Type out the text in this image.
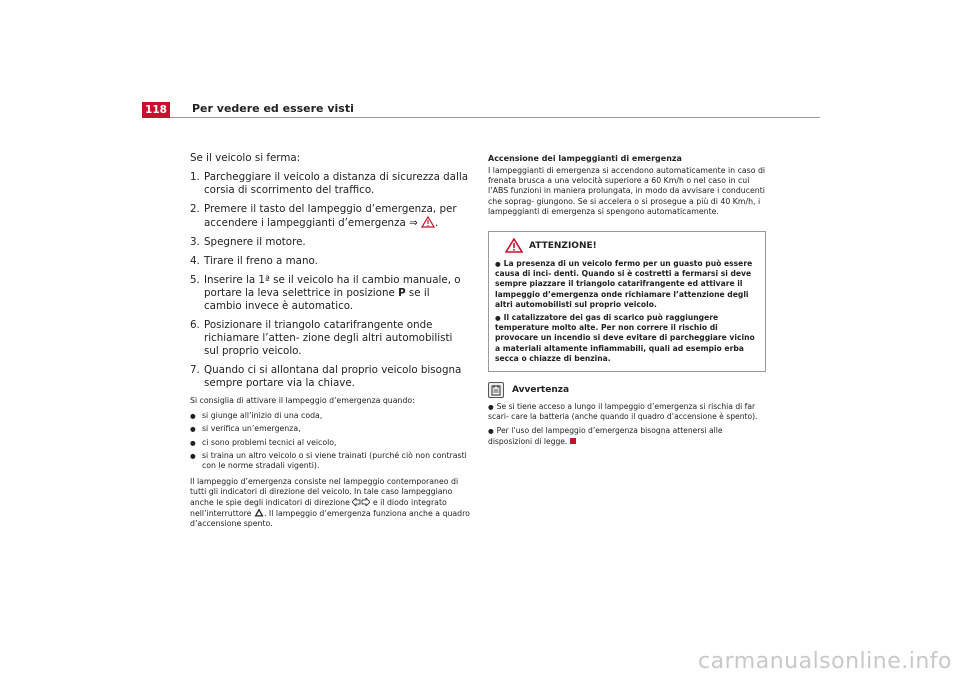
118 Per vedere ed essere visti

Se il veicolo si ferma:

1. Parcheggiare il veicolo a distanza di sicurezza dalla corsia di scorrimento del traffico.
2. Premere il tasto del lampeggio d’emergenza, per accendere i lampeggianti d’emergenza ⇒ .
3. Spegnere il motore.
4. Tirare il freno a mano.
5. Inserire la 1ª se il veicolo ha il cambio manuale, o portare la leva selettrice in posizione P se il cambio invece è automatico.
6. Posizionare il triangolo catarifrangente onde richiamare l’atten- zione degli altri automobilisti sul proprio veicolo.
7. Quando ci si allontana dal proprio veicolo bisogna sempre portare via la chiave.

Si consiglia di attivare il lampeggio d’emergenza quando:

● si giunge all’inizio di una coda,
● si verifica un’emergenza,
● ci sono problemi tecnici al veicolo,
● si traina un altro veicolo o si viene trainati (purché ciò non contrasti con le norme stradali vigenti).

Il lampeggio d’emergenza consiste nel lampeggio contemporaneo di tutti gli indicatori di direzione del veicolo. In tale caso lampeggiano anche le spie degli indicatori di direzione	e il diodo integrato nell’interruttore . Il lampeggio d’emergenza funziona anche a quadro d’accensione spento.

Accensione dei lampeggianti di emergenza

I lampeggianti di emergenza si accendono automaticamente in caso di frenata brusca a una velocità superiore a 60 Km/h o nel caso in cui l’ABS funzioni in maniera prolungata, in modo da avvisare i conducenti che soprag- giungono. Se si accelera o si prosegue a più di 40 Km/h, i lampeggianti di emergenza si spengono automaticamente.

ATTENZIONE!
● La presenza di un veicolo fermo per un guasto può essere causa di inci- denti. Quando si è costretti a fermarsi si deve sempre piazzare il triangolo catarifrangente ed attivare il lampeggio d’emergenza onde richiamare l’attenzione degli altri automobilisti sul proprio veicolo.
● Il catalizzatore dei gas di scarico può raggiungere temperature molto alte. Per non correre il rischio di provocare un incendio si deve evitare di parcheggiare vicino a materiali altamente infiammabili, quali ad esempio erba secca o chiazze di benzina.
Avvertenza
● Se si tiene acceso a lungo il lampeggio d’emergenza si rischia di far scari- care la batteria (anche quando il quadro d’accensione è spento).
● Per l’uso del lampeggio d’emergenza bisogna attenersi alle disposizioni di legge.
carmanualsonline.info
